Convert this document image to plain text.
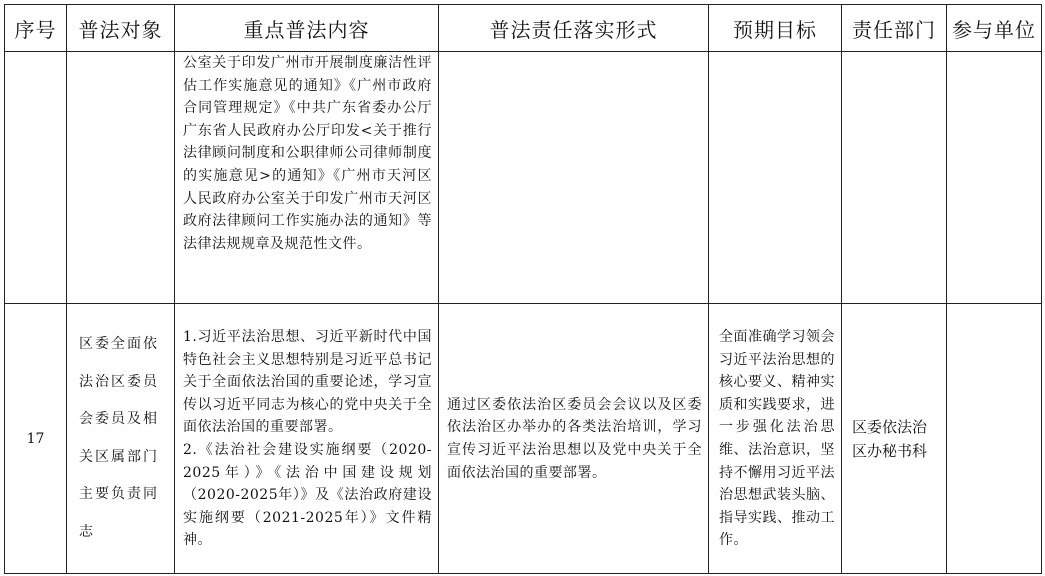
序号	普法对象	重点普法内容	普法责任落实形式	预期目标	责任部门	参与单位
		公室关于印发广州市开展制度廉洁性评估工作实施意见的通知》《广州市政府合同管理规定》《中共广东省委办公厅　广东省人民政府办公厅印发<关于推行法律顾问制度和公职律师公司律师制度的实施意见>的通知》《广州市天河区人民政府办公室关于印发广州市天河区政府法律顾问工作实施办法的通知》等法律法规规章及规范性文件。				
17	区委全面依法治区委员会委员及相关区属部门主要负责同志	1.习近平法治思想、习近平新时代中国特色社会主义思想特别是习近平总书记关于全面依法治国的重要论述，学习宣传以习近平同志为核心的党中央关于全面依法治国的重要部署。
2.《法治社会建设实施纲要（2020-2025年）》《法治中国建设规划（2020-2025年）》及《法治政府建设实施纲要（2021-2025年）》文件精神。	通过区委依法治区委员会会议以及区委依法治区办举办的各类法治培训，学习宣传习近平法治思想以及党中央关于全面依法治国的重要部署。	全面准确学习领会习近平法治思想的核心要义、精神实质和实践要求，进一步强化法治思维、法治意识，坚持不懈用习近平法治思想武装头脑、指导实践、推动工作。	区委依法治区办秘书科	
